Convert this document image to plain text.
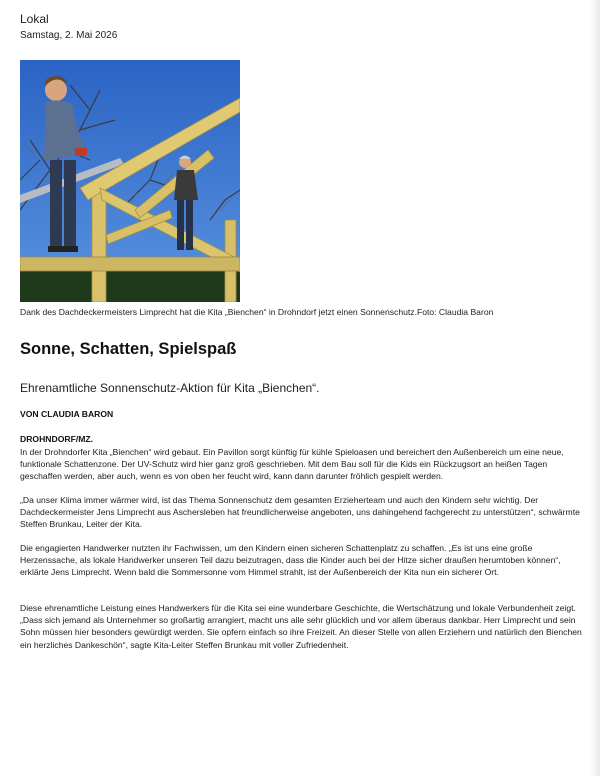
Lokal
Samstag, 2. Mai 2026
Dank des Dachdeckermeisters Limprecht hat die Kita „Bienchen“ in Drohndorf jetzt einen Sonnenschutz.Foto: Claudia Baron
Sonne, Schatten, Spielspaß
Ehrenamtliche Sonnenschutz-Aktion für Kita „Bienchen“.
VON CLAUDIA BARON
DROHNDORF/MZ.

In der Drohndorfer Kita „Bienchen“ wird gebaut. Ein Pavillon sorgt künftig für kühle Spieloasen und bereichert den Außenbereich um eine neue, funktionale Schattenzone. Der UV-Schutz wird hier ganz groß geschrieben. Mit dem Bau soll für die Kids ein Rückzugsort an heißen Tagen geschaffen werden, aber auch, wenn es von oben her feucht wird, kann dann darunter fröhlich gespielt werden.

„Da unser Klima immer wärmer wird, ist das Thema Sonnenschutz dem gesamten Erzieherteam und auch den Kindern sehr wichtig. Der Dachdeckermeister Jens Limprecht aus Aschersleben hat freundlicherweise angeboten, uns dahingehend fachgerecht zu unterstützen“, schwärmte Steffen Brunkau, Leiter der Kita.

Die engagierten Handwerker nutzten ihr Fachwissen, um den Kindern einen sicheren Schattenplatz zu schaffen. „Es ist uns eine große Herzenssache, als lokale Handwerker unseren Teil dazu beizutragen, dass die Kinder auch bei der Hitze sicher draußen herumtoben können“, erklärte Jens Limprecht. Wenn bald die Sommersonne vom Himmel strahlt, ist der Außenbereich der Kita nun ein sicherer Ort.

Diese ehrenamtliche Leistung eines Handwerkers für die Kita sei eine wunderbare Geschichte, die Wertschätzung und lokale Verbundenheit zeigt. „Dass sich jemand als Unternehmer so großartig arrangiert, macht uns alle sehr glücklich und vor allem überaus dankbar. Herr Limprecht und sein Sohn müssen hier besonders gewürdigt werden. Sie opfern einfach so ihre Freizeit. An dieser Stelle von allen Erziehern und natürlich den Bienchen ein herzliches Dankeschön“, sagte Kita-Leiter Steffen Brunkau mit voller Zufriedenheit.
